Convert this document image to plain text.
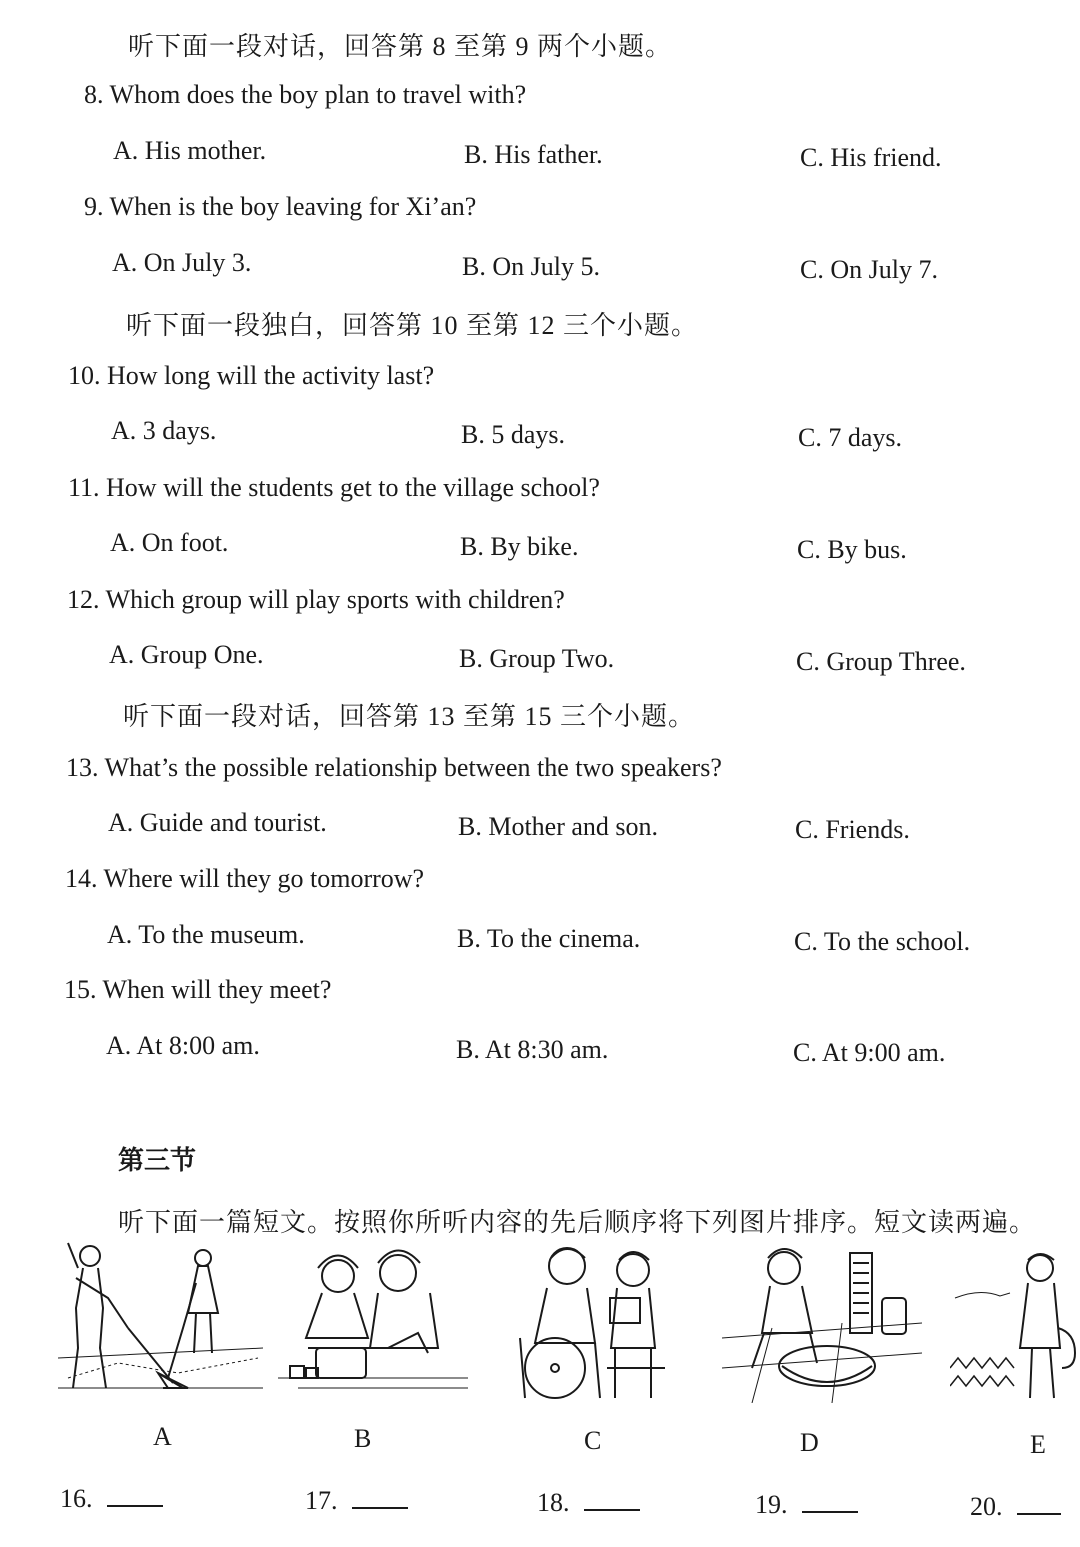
听下面一段对话，回答第 8 至第 9 两个小题。
8. Whom does the boy plan to travel with?
A. His mother.	B. His father.	C. His friend.
9. When is the boy leaving for Xi’an?
A. On July 3.	B. On July 5.	C. On July 7.
听下面一段独白，回答第 10 至第 12 三个小题。
10. How long will the activity last?
A. 3 days.	B. 5 days.	C. 7 days.
11. How will the students get to the village school?
A. On foot.	B. By bike.	C. By bus.
12. Which group will play sports with children?
A. Group One.	B. Group Two.	C. Group Three.
听下面一段对话，回答第 13 至第 15 三个小题。
13. What’s the possible relationship between the two speakers?
A. Guide and tourist.	B. Mother and son.	C. Friends.
14. Where will they go tomorrow?
A. To the museum.	B. To the cinema.	C. To the school.
15. When will they meet?
A. At 8:00 am.	B. At 8:30 am.	C. At 9:00 am.
第三节
听下面一篇短文。按照你所听内容的先后顺序将下列图片排序。短文读两遍。
A	B	C	D	E
16.	17.	18.	19.	20.
